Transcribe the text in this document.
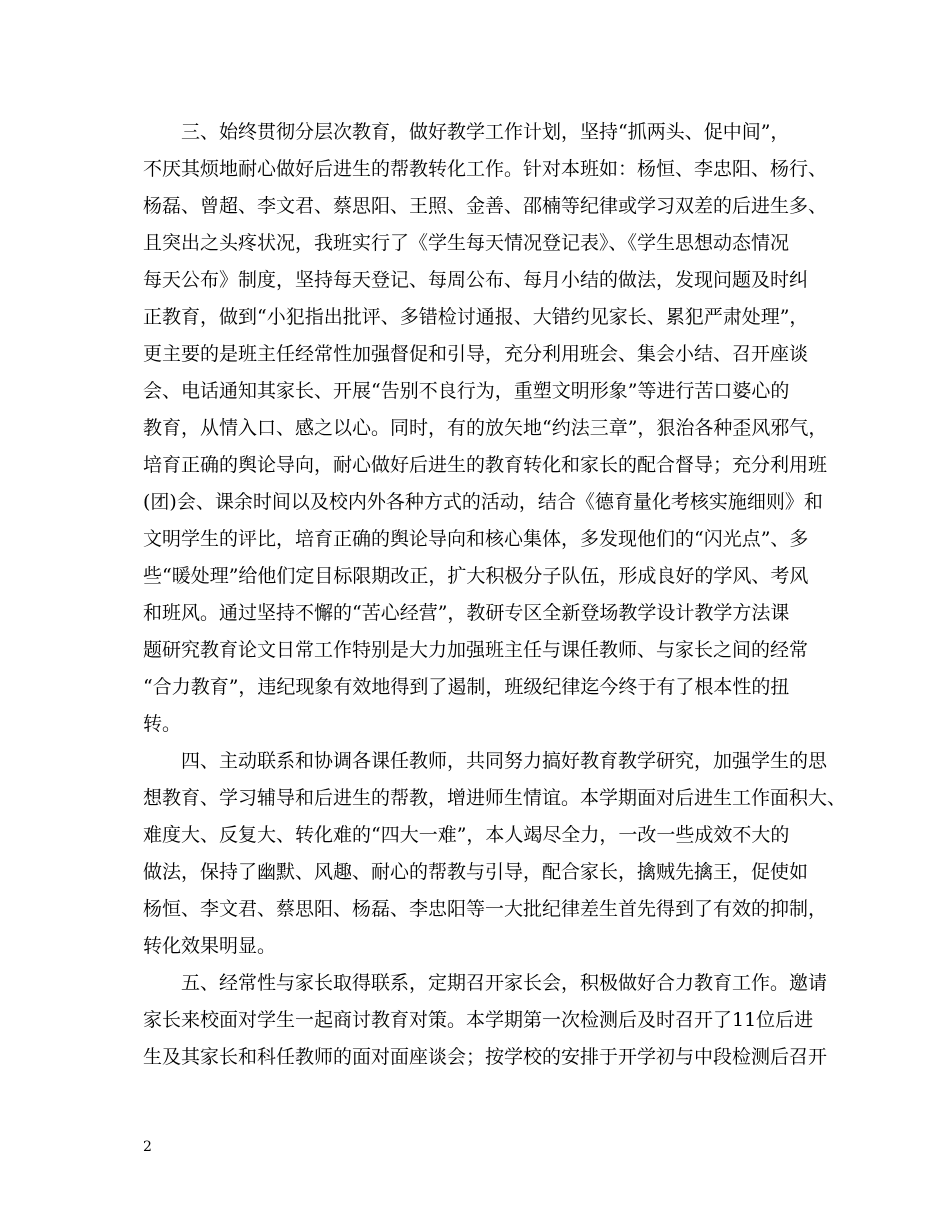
三、始终贯彻分层次教育，做好教学工作计划，坚持“抓两头、促中间”，
不厌其烦地耐心做好后进生的帮教转化工作。针对本班如：杨恒、李忠阳、杨行、
杨磊、曾超、李文君、蔡思阳、王照、金善、邵楠等纪律或学习双差的后进生多、
且突出之头疼状况，我班实行了《学生每天情况登记表》、《学生思想动态情况
每天公布》制度，坚持每天登记、每周公布、每月小结的做法，发现问题及时纠
正教育，做到“小犯指出批评、多错检讨通报、大错约见家长、累犯严肃处理”，
更主要的是班主任经常性加强督促和引导，充分利用班会、集会小结、召开座谈
会、电话通知其家长、开展“告别不良行为，重塑文明形象”等进行苦口婆心的
教育，从情入口、感之以心。同时，有的放矢地“约法三章”，狠治各种歪风邪气，
培育正确的舆论导向，耐心做好后进生的教育转化和家长的配合督导；充分利用班
(团)会、课余时间以及校内外各种方式的活动，结合《德育量化考核实施细则》和
文明学生的评比，培育正确的舆论导向和核心集体，多发现他们的“闪光点”、多
些“暖处理”给他们定目标限期改正，扩大积极分子队伍，形成良好的学风、考风
和班风。通过坚持不懈的“苦心经营”，教研专区全新登场教学设计教学方法课
题研究教育论文日常工作特别是大力加强班主任与课任教师、与家长之间的经常
“合力教育”，违纪现象有效地得到了遏制，班级纪律迄今终于有了根本性的扭
转。
四、主动联系和协调各课任教师，共同努力搞好教育教学研究，加强学生的思
想教育、学习辅导和后进生的帮教，增进师生情谊。本学期面对后进生工作面积大、
难度大、反复大、转化难的“四大一难”，本人竭尽全力，一改一些成效不大的
做法，保持了幽默、风趣、耐心的帮教与引导，配合家长，擒贼先擒王，促使如
杨恒、李文君、蔡思阳、杨磊、李忠阳等一大批纪律差生首先得到了有效的抑制，
转化效果明显。
五、经常性与家长取得联系，定期召开家长会，积极做好合力教育工作。邀请
家长来校面对学生一起商讨教育对策。本学期第一次检测后及时召开了11位后进
生及其家长和科任教师的面对面座谈会；按学校的安排于开学初与中段检测后召开
2
